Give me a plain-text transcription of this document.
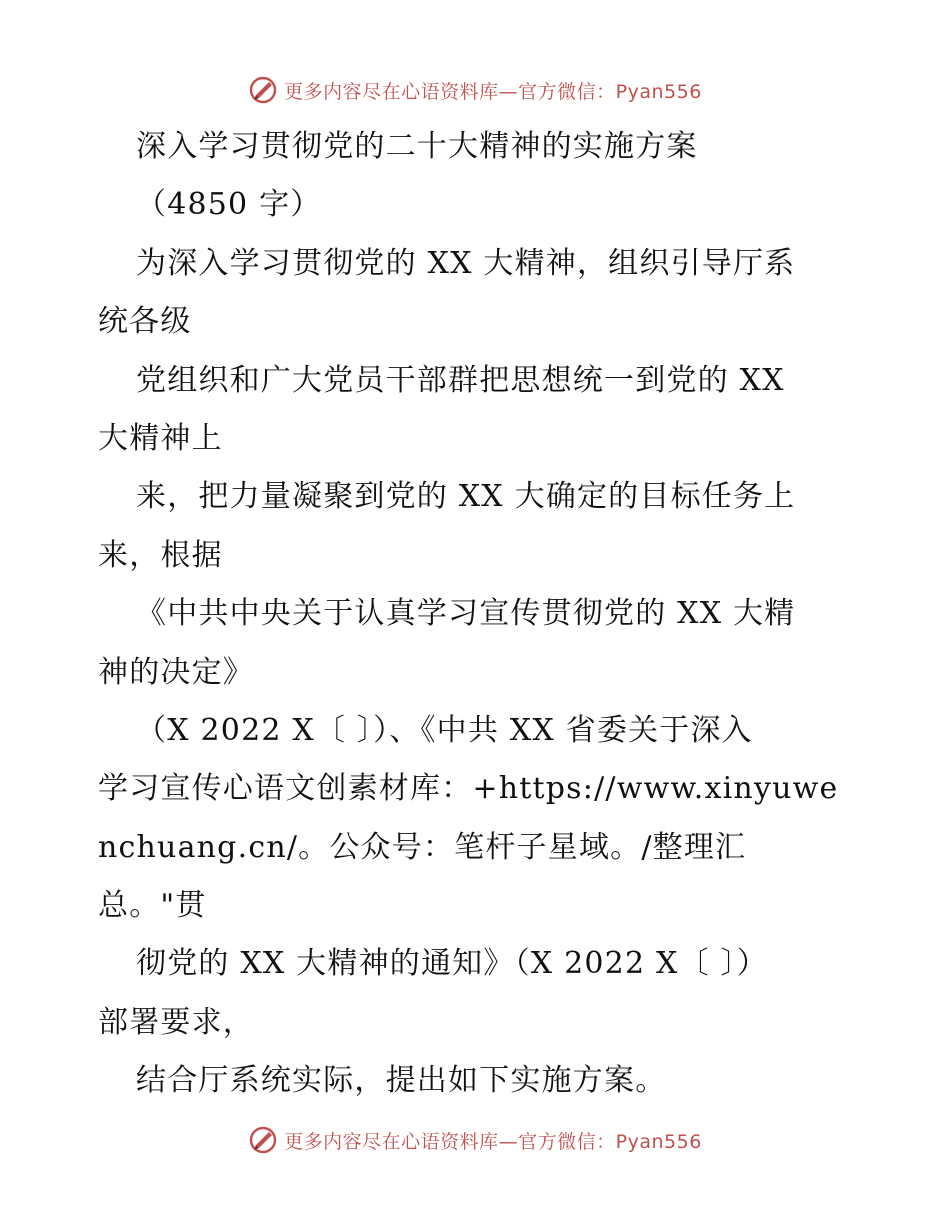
更多内容尽在心语资料库—官方微信：Pyan556
深入学习贯彻党的二十大精神的实施方案
（4850 字）
为深入学习贯彻党的 XX 大精神，组织引导厅系
统各级
党组织和广大党员干部群把思想统一到党的 XX
大精神上
来，把力量凝聚到党的 XX 大确定的目标任务上
来，根据
《中共中央关于认真学习宣传贯彻党的 XX 大精
神的决定》
（X 2022 X〔 〕）、《中共 XX 省委关于深入
学习宣传心语文创素材库：+https://www.xinyuwe
nchuang.cn/。公众号：笔杆子星域。/整理汇
总。"贯
彻党的 XX 大精神的通知》（X 2022 X〔 〕）
部署要求，
结合厅系统实际，提出如下实施方案。
更多内容尽在心语资料库—官方微信：Pyan556
